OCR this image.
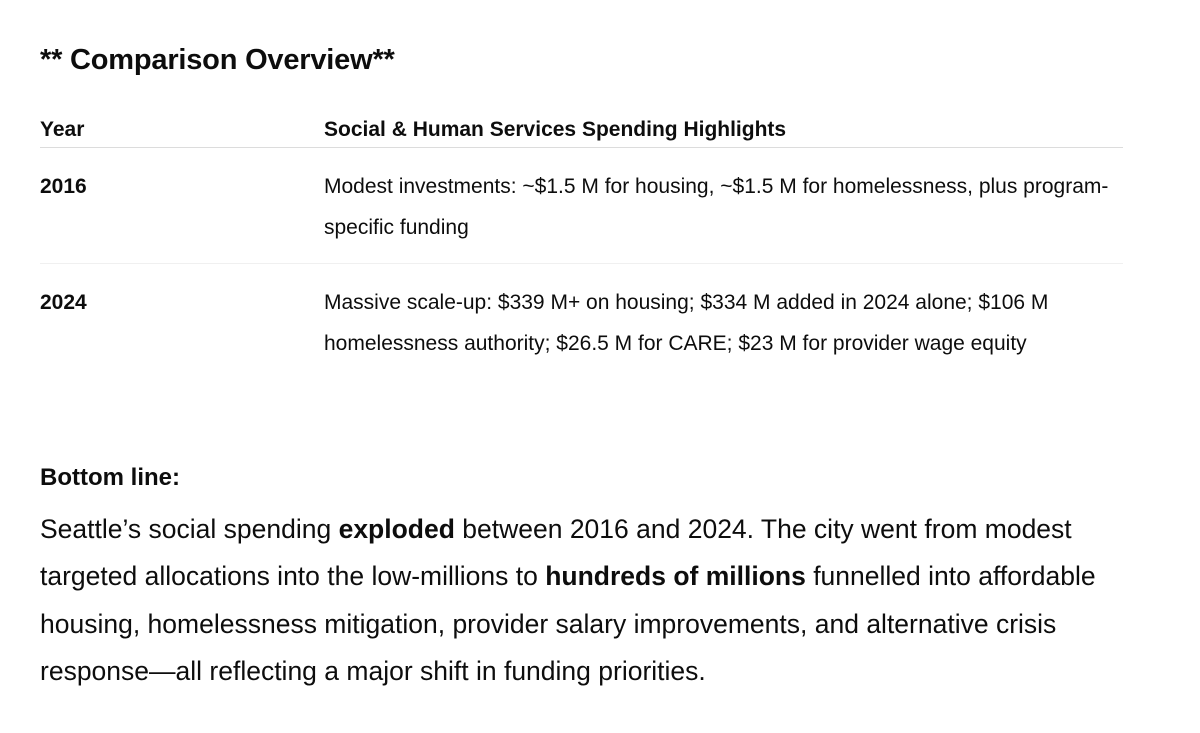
** Comparison Overview**
Year	Social & Human Services Spending Highlights
2016	Modest investments: ~$1.5 M for housing, ~$1.5 M for homelessness, plus program-specific funding
2024	Massive scale-up: $339 M+ on housing; $334 M added in 2024 alone; $106 M homelessness authority; $26.5 M for CARE; $23 M for provider wage equity
Bottom line:
Seattle’s social spending exploded between 2016 and 2024. The city went from modest targeted allocations into the low-millions to hundreds of millions funnelled into affordable housing, homelessness mitigation, provider salary improvements, and alternative crisis response—all reflecting a major shift in funding priorities.
